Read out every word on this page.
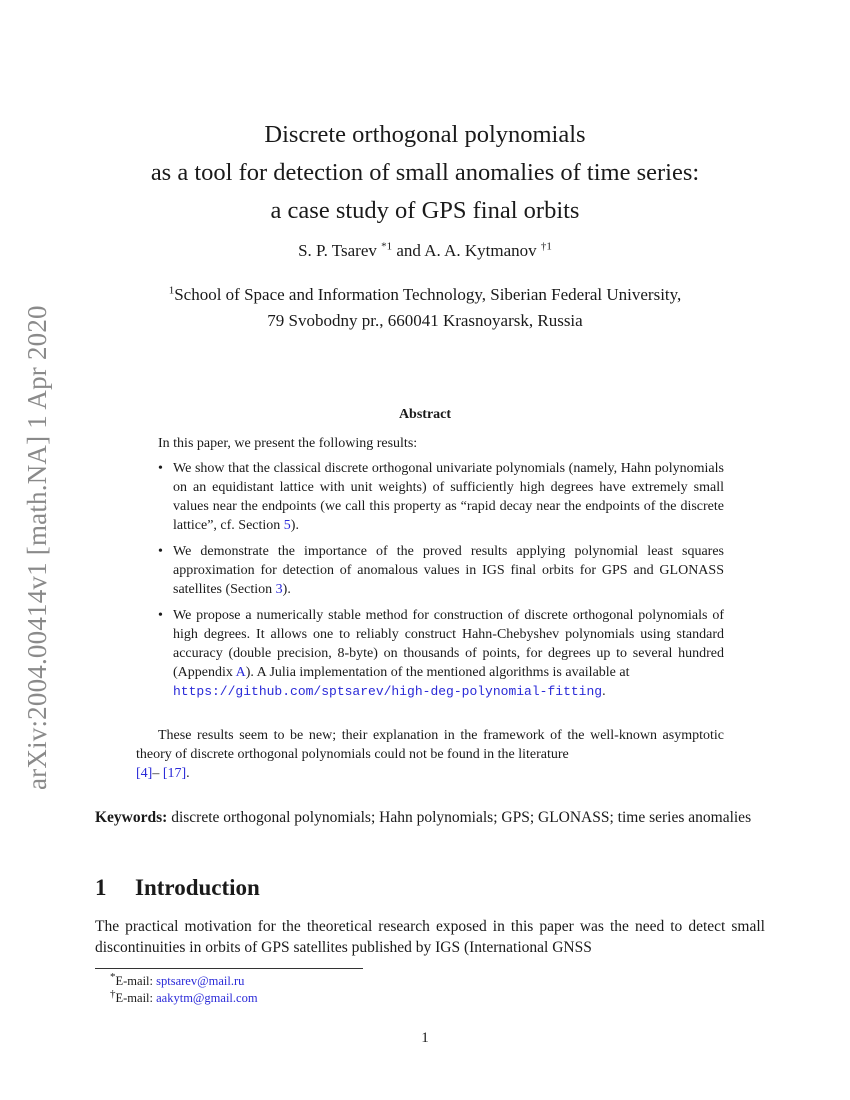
arXiv:2004.00414v1 [math.NA] 1 Apr 2020
Discrete orthogonal polynomials
as a tool for detection of small anomalies of time series:
a case study of GPS final orbits
S. P. Tsarev $^{*1}$ and A. A. Kytmanov $^{\dagger 1}$
$^1$School of Space and Information Technology, Siberian Federal University,
79 Svobodny pr., 660041 Krasnoyarsk, Russia
Abstract

In this paper, we present the following results:

• We show that the classical discrete orthogonal univariate polynomials (namely, Hahn polynomials on an equidistant lattice with unit weights) of sufficiently high degrees have extremely small values near the endpoints (we call this property as “rapid decay near the endpoints of the discrete lattice”, cf. Section 5).
• We demonstrate the importance of the proved results applying polynomial least squares approximation for detection of anomalous values in IGS final orbits for GPS and GLONASS satellites (Section 3).
• We propose a numerically stable method for construction of discrete orthogonal polynomials of high degrees. It allows one to reliably construct Hahn-Chebyshev polynomials using standard accuracy (double precision, 8-byte) on thousands of points, for degrees up to several hundred (Appendix A). A Julia implementation of the mentioned algorithms is available at
https://github.com/sptsarev/high-deg-polynomial-fitting.

These results seem to be new; their explanation in the framework of the well-known asymptotic theory of discrete orthogonal polynomials could not be found in the literature
[4]– [17].

Keywords: discrete orthogonal polynomials; Hahn polynomials; GPS; GLONASS; time series anomalies
1 Introduction

The practical motivation for the theoretical research exposed in this paper was the need to detect small discontinuities in orbits of GPS satellites published by IGS (International GNSS

*E-mail: sptsarev@mail.ru
†E-mail: aakytm@gmail.com
1
